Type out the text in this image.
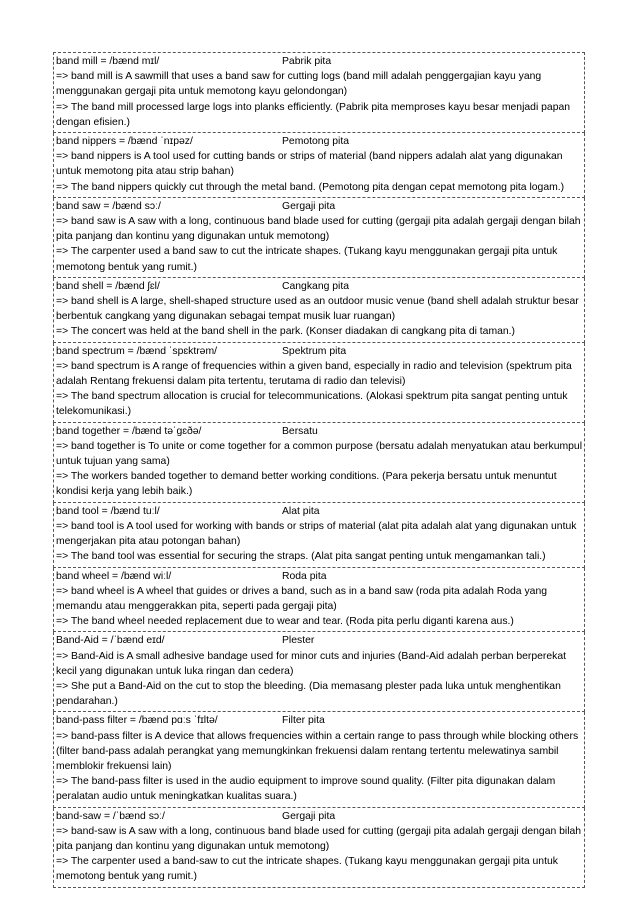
band mill = /bænd mɪl/	Pabrik pita
=> band mill is A sawmill that uses a band saw for cutting logs (band mill adalah penggergajian kayu yang menggunakan gergaji pita untuk memotong kayu gelondongan)
=> The band mill processed large logs into planks efficiently. (Pabrik pita memproses kayu besar menjadi papan dengan efisien.)
band nippers = /bænd ˈnɪpəz/	Pemotong pita
=> band nippers is A tool used for cutting bands or strips of material (band nippers adalah alat yang digunakan untuk memotong pita atau strip bahan)
=> The band nippers quickly cut through the metal band. (Pemotong pita dengan cepat memotong pita logam.)
band saw = /bænd sɔː/	Gergaji pita
=> band saw is A saw with a long, continuous band blade used for cutting (gergaji pita adalah gergaji dengan bilah pita panjang dan kontinu yang digunakan untuk memotong)
=> The carpenter used a band saw to cut the intricate shapes. (Tukang kayu menggunakan gergaji pita untuk memotong bentuk yang rumit.)
band shell = /bænd ʃɛl/	Cangkang pita
=> band shell is A large, shell-shaped structure used as an outdoor music venue (band shell adalah struktur besar berbentuk cangkang yang digunakan sebagai tempat musik luar ruangan)
=> The concert was held at the band shell in the park. (Konser diadakan di cangkang pita di taman.)
band spectrum = /bænd ˈspɛktrəm/	Spektrum pita
=> band spectrum is A range of frequencies within a given band, especially in radio and television (spektrum pita adalah Rentang frekuensi dalam pita tertentu, terutama di radio dan televisi)
=> The band spectrum allocation is crucial for telecommunications. (Alokasi spektrum pita sangat penting untuk telekomunikasi.)
band together = /bænd təˈɡɛðə/	Bersatu
=> band together is To unite or come together for a common purpose (bersatu adalah menyatukan atau berkumpul untuk tujuan yang sama)
=> The workers banded together to demand better working conditions. (Para pekerja bersatu untuk menuntut kondisi kerja yang lebih baik.)
band tool = /bænd tuːl/	Alat pita
=> band tool is A tool used for working with bands or strips of material (alat pita adalah alat yang digunakan untuk mengerjakan pita atau potongan bahan)
=> The band tool was essential for securing the straps. (Alat pita sangat penting untuk mengamankan tali.)
band wheel = /bænd wiːl/	Roda pita
=> band wheel is A wheel that guides or drives a band, such as in a band saw (roda pita adalah Roda yang memandu atau menggerakkan pita, seperti pada gergaji pita)
=> The band wheel needed replacement due to wear and tear. (Roda pita perlu diganti karena aus.)
Band-Aid = /ˈbænd eɪd/	Plester
=> Band-Aid is A small adhesive bandage used for minor cuts and injuries (Band-Aid adalah perban berperekat kecil yang digunakan untuk luka ringan dan cedera)
=> She put a Band-Aid on the cut to stop the bleeding. (Dia memasang plester pada luka untuk menghentikan pendarahan.)
band-pass filter = /bænd pɑːs ˈfɪltə/	Filter pita
=> band-pass filter is A device that allows frequencies within a certain range to pass through while blocking others (filter band-pass adalah perangkat yang memungkinkan frekuensi dalam rentang tertentu melewatinya sambil memblokir frekuensi lain)
=> The band-pass filter is used in the audio equipment to improve sound quality. (Filter pita digunakan dalam peralatan audio untuk meningkatkan kualitas suara.)
band-saw = /ˈbænd sɔː/	Gergaji pita
=> band-saw is A saw with a long, continuous band blade used for cutting (gergaji pita adalah gergaji dengan bilah pita panjang dan kontinu yang digunakan untuk memotong)
=> The carpenter used a band-saw to cut the intricate shapes. (Tukang kayu menggunakan gergaji pita untuk memotong bentuk yang rumit.)
